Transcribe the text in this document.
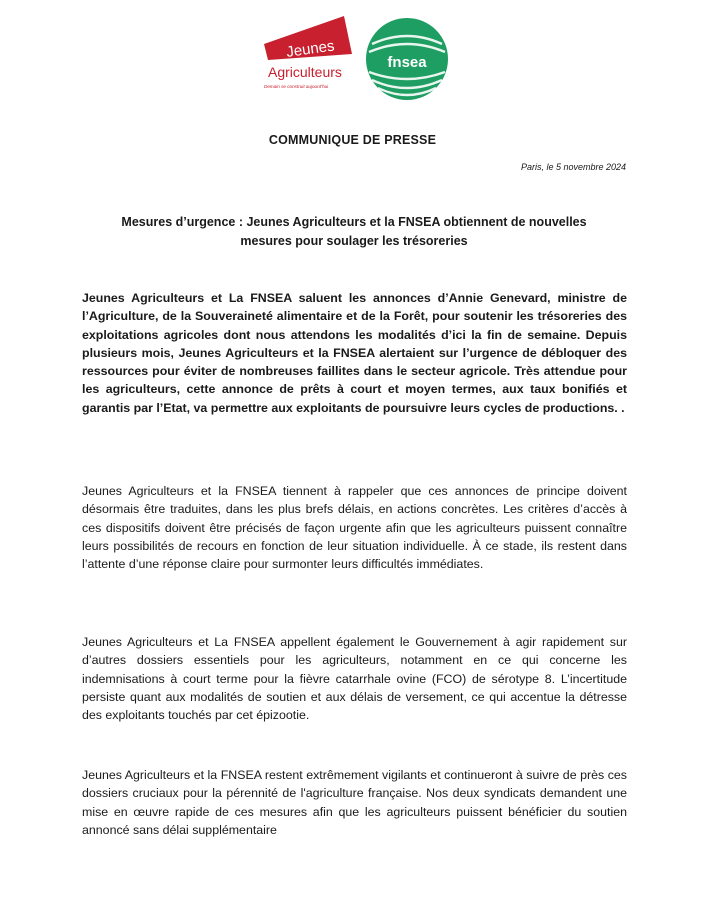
Jeunes
Agriculteurs
Demain se construit aujourd'hui
fnsea
COMMUNIQUE DE PRESSE

Paris, le 5 novembre 2024

Mesures d’urgence : Jeunes Agriculteurs et la FNSEA obtiennent de nouvelles mesures pour soulager les trésoreries

Jeunes Agriculteurs et La FNSEA saluent les annonces d’Annie Genevard, ministre de l’Agriculture, de la Souveraineté alimentaire et de la Forêt, pour soutenir les trésoreries des exploitations agricoles dont nous attendons les modalités d’ici la fin de semaine. Depuis plusieurs mois, Jeunes Agriculteurs et la FNSEA alertaient sur l’urgence de débloquer des ressources pour éviter de nombreuses faillites dans le secteur agricole. Très attendue pour les agriculteurs, cette annonce de prêts à court et moyen termes, aux taux bonifiés et garantis par l’Etat, va permettre aux exploitants de poursuivre leurs cycles de productions. .

Jeunes Agriculteurs et la FNSEA tiennent à rappeler que ces annonces de principe doivent désormais être traduites, dans les plus brefs délais, en actions concrètes. Les critères d’accès à ces dispositifs doivent être précisés de façon urgente afin que les agriculteurs puissent connaître leurs possibilités de recours en fonction de leur situation individuelle. À ce stade, ils restent dans l’attente d’une réponse claire pour surmonter leurs difficultés immédiates.

Jeunes Agriculteurs et La FNSEA appellent également le Gouvernement à agir rapidement sur d’autres dossiers essentiels pour les agriculteurs, notamment en ce qui concerne les indemnisations à court terme pour la fièvre catarrhale ovine (FCO) de sérotype 8. L’incertitude persiste quant aux modalités de soutien et aux délais de versement, ce qui accentue la détresse des exploitants touchés par cet épizootie.

Jeunes Agriculteurs et la FNSEA restent extrêmement vigilants et continueront à suivre de près ces dossiers cruciaux pour la pérennité de l'agriculture française. Nos deux syndicats demandent une mise en œuvre rapide de ces mesures afin que les agriculteurs puissent bénéficier du soutien annoncé sans délai supplémentaire
